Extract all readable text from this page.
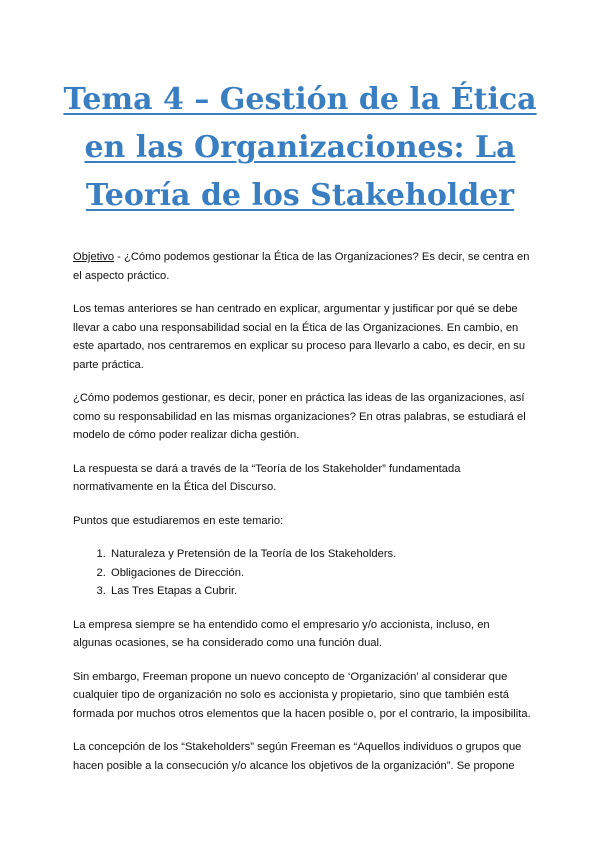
Tema 4 – Gestión de la Ética
en las Organizaciones: La
Teoría de los Stakeholder

Objetivo - ¿Cómo podemos gestionar la Ética de las Organizaciones? Es decir, se centra en el aspecto práctico.

Los temas anteriores se han centrado en explicar, argumentar y justificar por qué se debe llevar a cabo una responsabilidad social en la Ética de las Organizaciones. En cambio, en este apartado, nos centraremos en explicar su proceso para llevarlo a cabo, es decir, en su parte práctica.

¿Cómo podemos gestionar, es decir, poner en práctica las ideas de las organizaciones, así como su responsabilidad en las mismas organizaciones? En otras palabras, se estudiará el modelo de cómo poder realizar dicha gestión.

La respuesta se dará a través de la “Teoría de los Stakeholder” fundamentada normativamente en la Ética del Discurso.

Puntos que estudiaremos en este temario:

1. Naturaleza y Pretensión de la Teoría de los Stakeholders.
2. Obligaciones de Dirección.
3. Las Tres Etapas a Cubrir.

La empresa siempre se ha entendido como el empresario y/o accionista, incluso, en algunas ocasiones, se ha considerado como una función dual.

Sin embargo, Freeman propone un nuevo concepto de ‘Organización’ al considerar que cualquier tipo de organización no solo es accionista y propietario, sino que también está formada por muchos otros elementos que la hacen posible o, por el contrario, la imposibilita.

La concepción de los “Stakeholders” según Freeman es “Aquellos individuos o grupos que hacen posible a la consecución y/o alcance los objetivos de la organización”. Se propone
